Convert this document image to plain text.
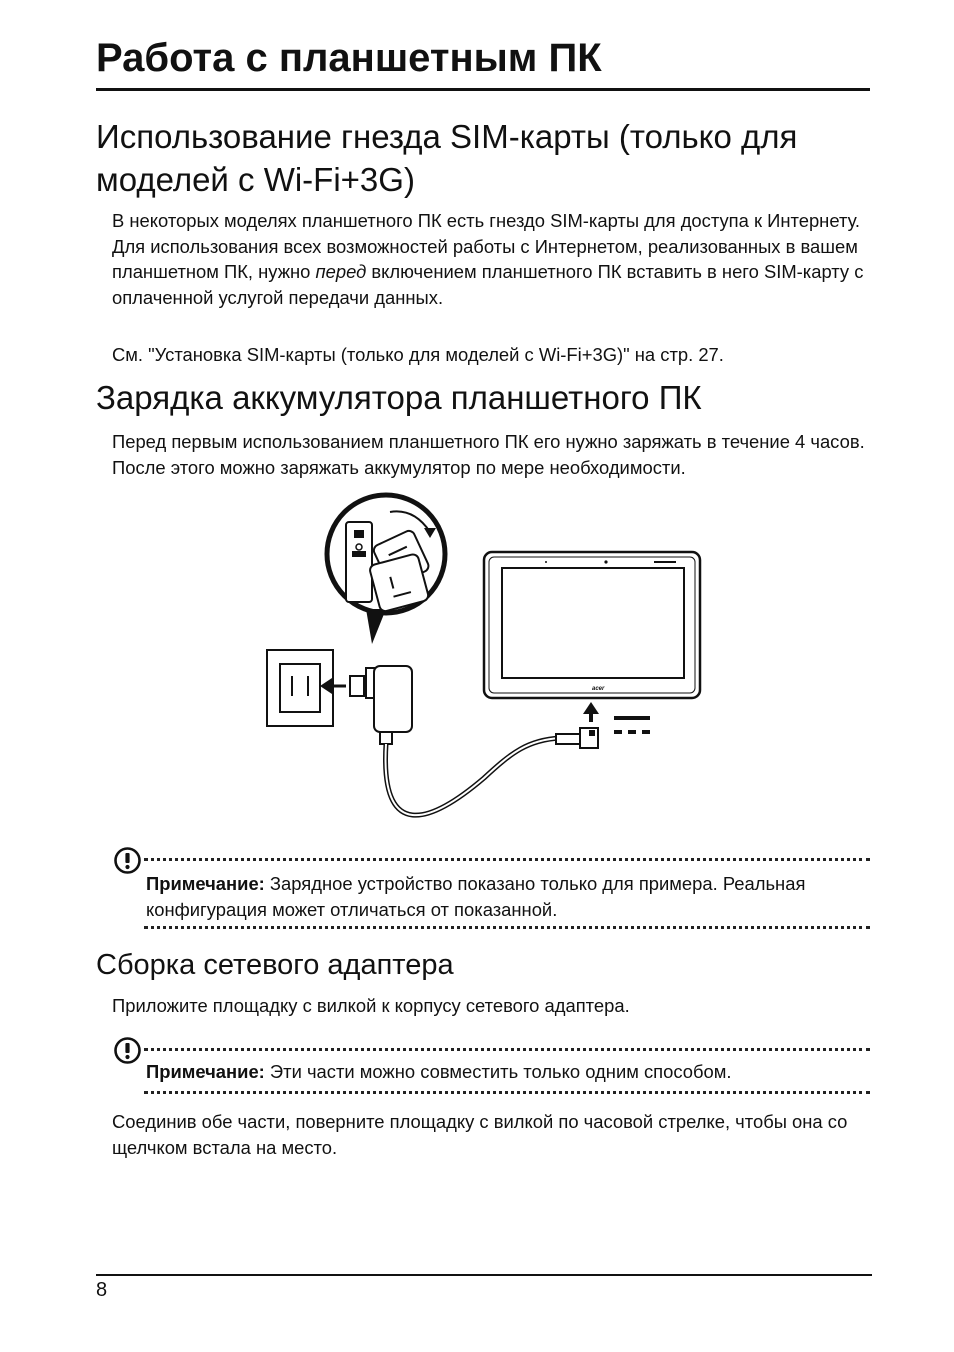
Работа с планшетным ПК
Использование гнезда SIM-карты (только для
моделей с Wi-Fi+3G)

В некоторых моделях планшетного ПК есть гнездо SIM-карты для доступа к Интернету. Для использования всех возможностей работы с Интернетом, реализованных в вашем планшетном ПК, нужно перед включением планшетного ПК вставить в него SIM-карту с оплаченной услугой передачи данных.

См. "Установка SIM-карты (только для моделей с Wi-Fi+3G)" на стр. 27.

Зарядка аккумулятора планшетного ПК

Перед первым использованием планшетного ПК его нужно заряжать в течение 4 часов. После этого можно заряжать аккумулятор по мере необходимости.

acer

Примечание: Зарядное устройство показано только для примера. Реальная конфигурация может отличаться от показанной.

Сборка сетевого адаптера

Приложите площадку с вилкой к корпусу сетевого адаптера.

Примечание: Эти части можно совместить только одним способом.

Соединив обе части, поверните площадку с вилкой по часовой стрелке, чтобы она со щелчком встала на место.

8
